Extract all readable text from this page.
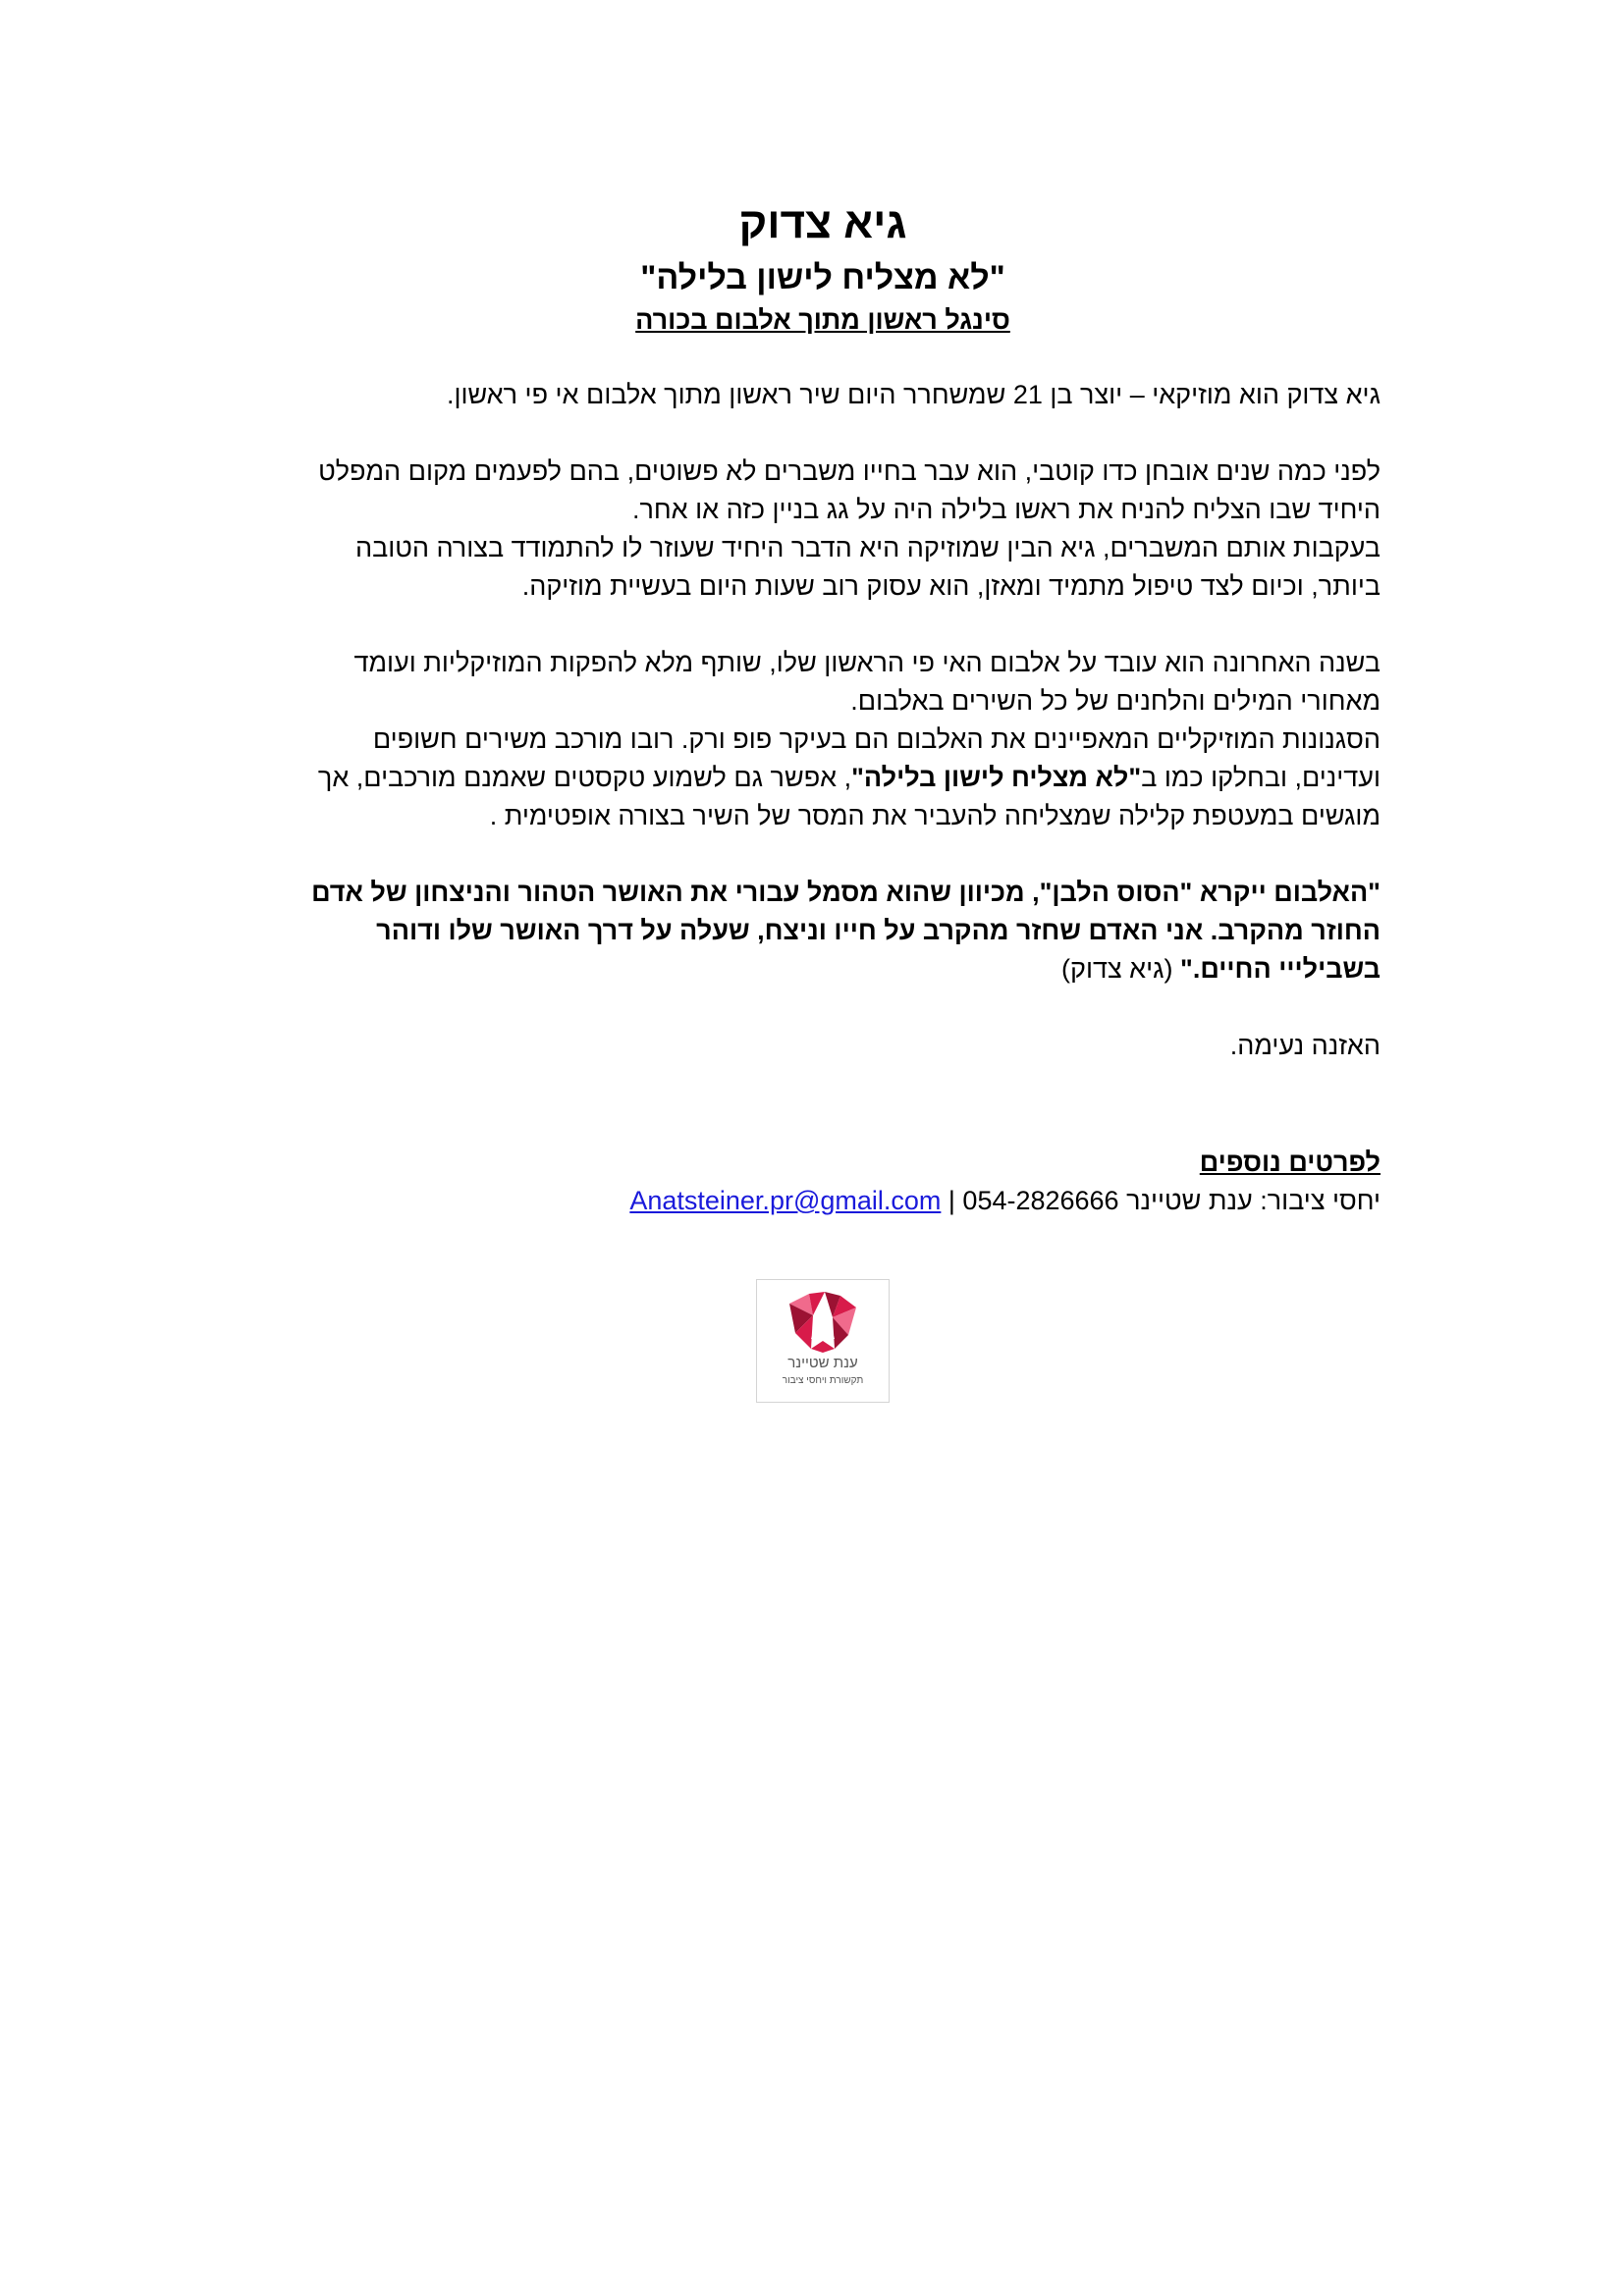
גיא צדוק
"לא מצליח לישון בלילה"
סינגל ראשון מתוך אלבום בכורה

גיא צדוק הוא מוזיקאי – יוצר בן 21 שמשחרר היום שיר ראשון מתוך אלבום אי פי ראשון.

לפני כמה שנים אובחן כדו קוטבי, הוא עבר בחייו משברים לא פשוטים, בהם לפעמים מקום המפלט

היחיד שבו הצליח להניח את ראשו בלילה היה על גג בניין כזה או אחר.

בעקבות אותם המשברים, גיא הבין שמוזיקה היא הדבר היחיד שעוזר לו להתמודד בצורה הטובה

ביותר, וכיום לצד טיפול מתמיד ומאזן, הוא עסוק רוב שעות היום בעשיית מוזיקה.

בשנה האחרונה הוא עובד על אלבום האי פי הראשון שלו, שותף מלא להפקות המוזיקליות ועומד

מאחורי המילים והלחנים של כל השירים באלבום.

הסגנונות המוזיקליים המאפיינים את האלבום הם בעיקר פופ ורק. רובו מורכב משירים חשופים

ועדינים, ובחלקו כמו ב"לא מצליח לישון בלילה", אפשר גם לשמוע טקסטים שאמנם מורכבים, אך

מוגשים במעטפת קלילה שמצליחה להעביר את המסר של השיר בצורה אופטימית .

"האלבום ייקרא "הסוס הלבן", מכיוון שהוא מסמל עבורי את האושר הטהור והניצחון של אדם

החוזר מהקרב. אני האדם שחזר מהקרב על חייו וניצח, שעלה על דרך האושר שלו ודוהר

בשבילייי החיים." (גיא צדוק)

האזנה נעימה.

לפרטים נוספים

יחסי ציבור: ענת שטיינר 054-2826666 | Anatsteiner.pr@gmail.com

ענת שטיינר
תקשורת ויחסי ציבור
